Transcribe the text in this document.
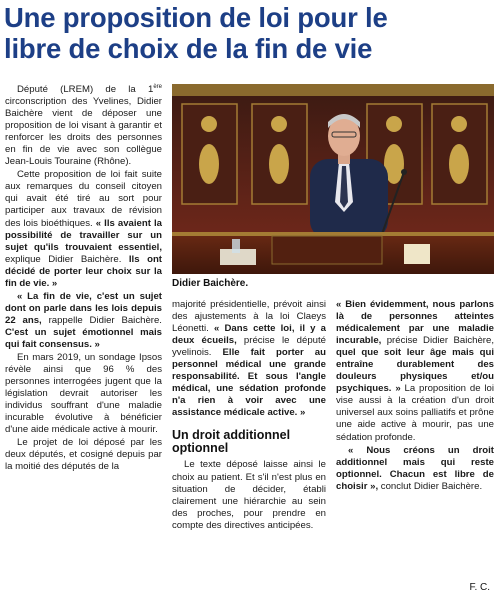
Une proposition de loi pour le
libre de choix de la fin de vie

Didier Baichère.

Député (LREM) de la 1ère circonscription des Yvelines, Didier Baichère vient de déposer une proposition de loi visant à garantir et renforcer les droits des personnes en fin de vie avec son collègue Jean-Louis Touraine (Rhône).

Cette proposition de loi fait suite aux remarques du conseil citoyen qui avait été tiré au sort pour participer aux travaux de révision des lois bioéthiques. « Ils avaient la possibilité de travailler sur un sujet qu'ils trouvaient essentiel, explique Didier Baichère. Ils ont décidé de porter leur choix sur la fin de vie. »

« La fin de vie, c'est un sujet dont on parle dans les lois depuis 22 ans, rappelle Didier Baichère. C'est un sujet émotionnel mais qui fait consensus. »

En mars 2019, un sondage Ipsos révèle ainsi que 96 % des personnes interrogées jugent que la législation devrait autoriser les individus souffrant d'une maladie incurable évolutive à bénéficier d'une aide médicale active à mourir.

Le projet de loi déposé par les deux députés, et cosigné depuis par la moitié des députés de la

majorité présidentielle, prévoit ainsi des ajustements à la loi Claeys Léonetti. « Dans cette loi, il y a deux écueils, précise le député yvelinois. Elle fait porter au personnel médical une grande responsabilité. Et sous l'angle médical, une sédation profonde n'a rien à voir avec une assistance médicale active. »

Un droit additionnel optionnel

Le texte déposé laisse ainsi le choix au patient. Et s'il n'est plus en situation de décider, établi clairement une hiérarchie au sein des proches, pour prendre en compte des directives anticipées.

« Bien évidemment, nous parlons là de personnes atteintes médicalement par une maladie incurable, précise Didier Baichère, quel que soit leur âge mais qui entraîne durablement des douleurs physiques et/ou psychiques. » La proposition de loi vise aussi à la création d'un droit universel aux soins palliatifs et prône une aide active à mourir, pas une sédation profonde.

« Nous créons un droit additionnel mais qui reste optionnel. Chacun est libre de choisir », conclut Didier Baichère.

F. C.
